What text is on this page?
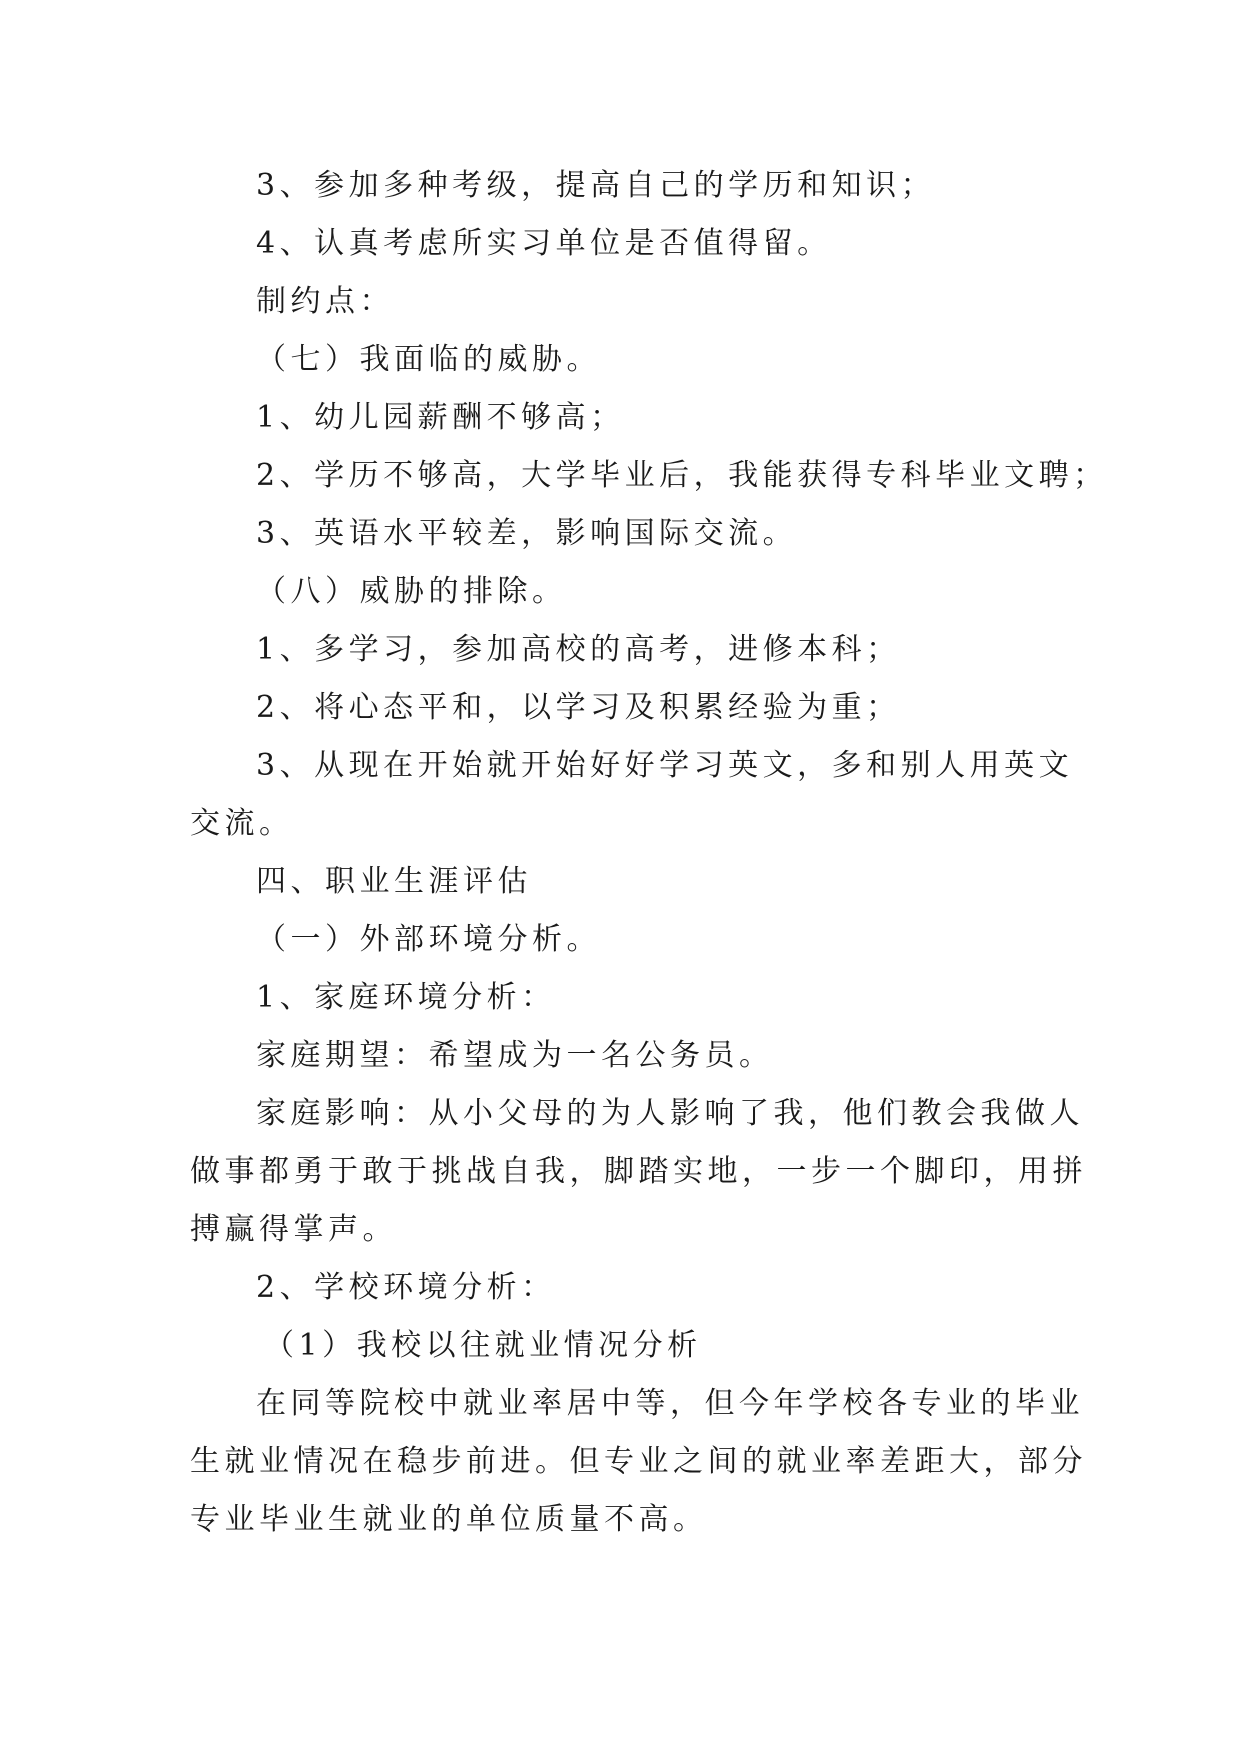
3、参加多种考级，提高自己的学历和知识；
4、认真考虑所实习单位是否值得留。
制约点：
（七）我面临的威胁。
1、幼儿园薪酬不够高；
2、学历不够高，大学毕业后，我能获得专科毕业文聘；
3、英语水平较差，影响国际交流。
（八）威胁的排除。
1、多学习，参加高校的高考，进修本科；
2、将心态平和，以学习及积累经验为重；
3、从现在开始就开始好好学习英文，多和别人用英文
交流。
四、职业生涯评估
（一）外部环境分析。
1、家庭环境分析：
家庭期望：希望成为一名公务员。
家庭影响：从小父母的为人影响了我，他们教会我做人
做事都勇于敢于挑战自我，脚踏实地，一步一个脚印，用拼
搏赢得掌声。
2、学校环境分析：
（1）我校以往就业情况分析
在同等院校中就业率居中等，但今年学校各专业的毕业
生就业情况在稳步前进。但专业之间的就业率差距大，部分
专业毕业生就业的单位质量不高。
